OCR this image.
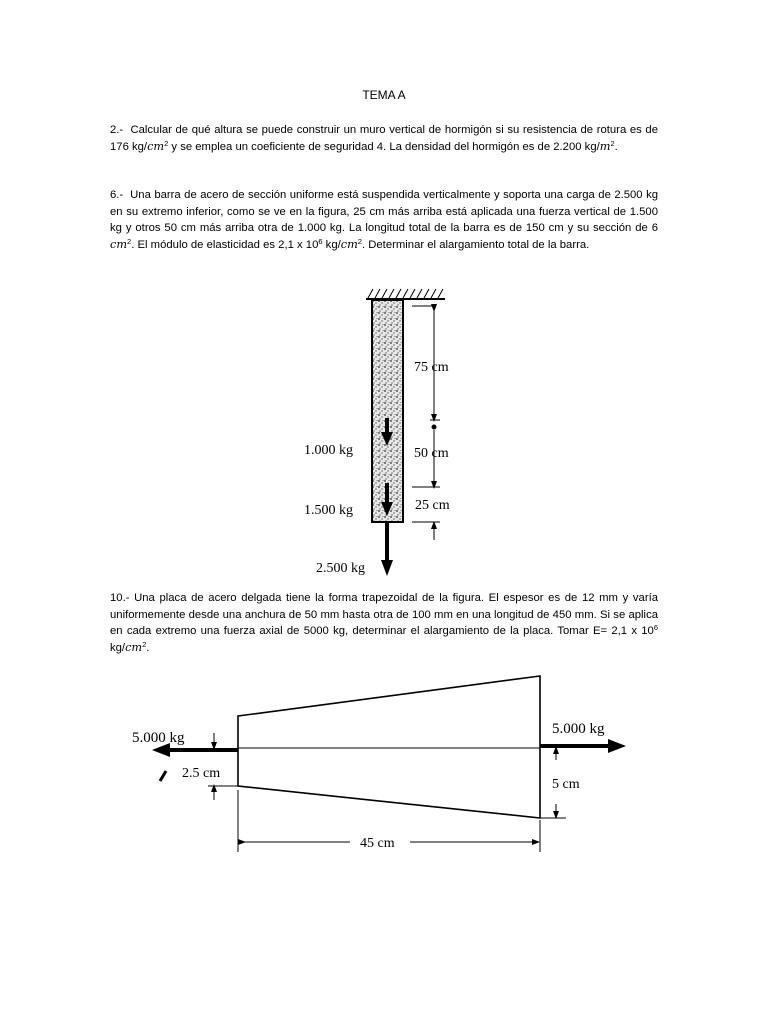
TEMA A
2.- Calcular de qué altura se puede construir un muro vertical de hormigón si su resistencia de rotura es de 176 $kg/cm^2$ y se emplea un coeficiente de seguridad 4. La densidad del hormigón es de 2.200 $kg/m^2$.
6.- Una barra de acero de sección uniforme está suspendida verticalmente y soporta una carga de 2.500 kg en su extremo inferior, como se ve en la figura, 25 cm más arriba está aplicada una fuerza vertical de 1.500 kg y otros 50 cm más arriba otra de 1.000 kg. La longitud total de la barra es de 150 cm y su sección de 6 $cm^2$. El módulo de elasticidad es 2,1 x $10^6$ $kg/cm^2$. Determinar el alargamiento total de la barra.
10.- Una placa de acero delgada tiene la forma trapezoidal de la figura. El espesor es de 12 mm y varía uniformemente desde una anchura de 50 mm hasta otra de 100 mm en una longitud de 450 mm. Si se aplica en cada extremo una fuerza axial de 5000 kg, determinar el alargamiento de la placa. Tomar E= 2,1 x $10^6$ $kg/cm^2$.
75 cm
50 cm
25 cm
1.000 kg
1.500 kg
2.500 kg
5.000 kg
5.000 kg
2.5 cm
5 cm
45 cm
